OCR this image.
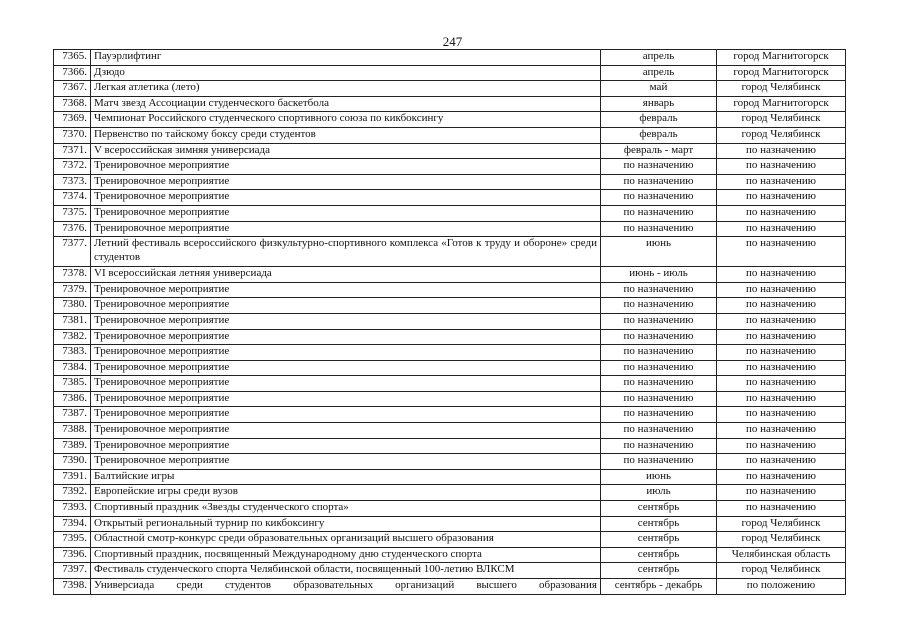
247
7365.	Пауэрлифтинг	апрель	город Магнитогорск
7366.	Дзюдо	апрель	город Магнитогорск
7367.	Легкая атлетика (лето)	май	город Челябинск
7368.	Матч звезд Ассоциации студенческого баскетбола	январь	город Магнитогорск
7369.	Чемпионат Российского студенческого спортивного союза по кикбоксингу	февраль	город Челябинск
7370.	Первенство по тайскому боксу среди студентов	февраль	город Челябинск
7371.	V всероссийская зимняя универсиада	февраль - март	по назначению
7372.	Тренировочное мероприятие	по назначению	по назначению
7373.	Тренировочное мероприятие	по назначению	по назначению
7374.	Тренировочное мероприятие	по назначению	по назначению
7375.	Тренировочное мероприятие	по назначению	по назначению
7376.	Тренировочное мероприятие	по назначению	по назначению
7377.	Летний фестиваль всероссийского физкультурно-спортивного комплекса «Готов к труду и обороне» среди студентов	июнь	по назначению
7378.	VI всероссийская летняя универсиада	июнь - июль	по назначению
7379.	Тренировочное мероприятие	по назначению	по назначению
7380.	Тренировочное мероприятие	по назначению	по назначению
7381.	Тренировочное мероприятие	по назначению	по назначению
7382.	Тренировочное мероприятие	по назначению	по назначению
7383.	Тренировочное мероприятие	по назначению	по назначению
7384.	Тренировочное мероприятие	по назначению	по назначению
7385.	Тренировочное мероприятие	по назначению	по назначению
7386.	Тренировочное мероприятие	по назначению	по назначению
7387.	Тренировочное мероприятие	по назначению	по назначению
7388.	Тренировочное мероприятие	по назначению	по назначению
7389.	Тренировочное мероприятие	по назначению	по назначению
7390.	Тренировочное мероприятие	по назначению	по назначению
7391.	Балтийские игры	июнь	по назначению
7392.	Европейские игры среди вузов	июль	по назначению
7393.	Спортивный праздник «Звезды студенческого спорта»	сентябрь	по назначению
7394.	Открытый региональный турнир по кикбоксингу	сентябрь	город Челябинск
7395.	Областной смотр-конкурс среди образовательных организаций высшего образования	сентябрь	город Челябинск
7396.	Спортивный праздник, посвященный Международному дню студенческого спорта	сентябрь	Челябинская область
7397.	Фестиваль студенческого спорта Челябинской области, посвященный 100-летию ВЛКСМ	сентябрь	город Челябинск
7398.	Универсиада среди студентов образовательных организаций высшего образования	сентябрь - декабрь	по положению
